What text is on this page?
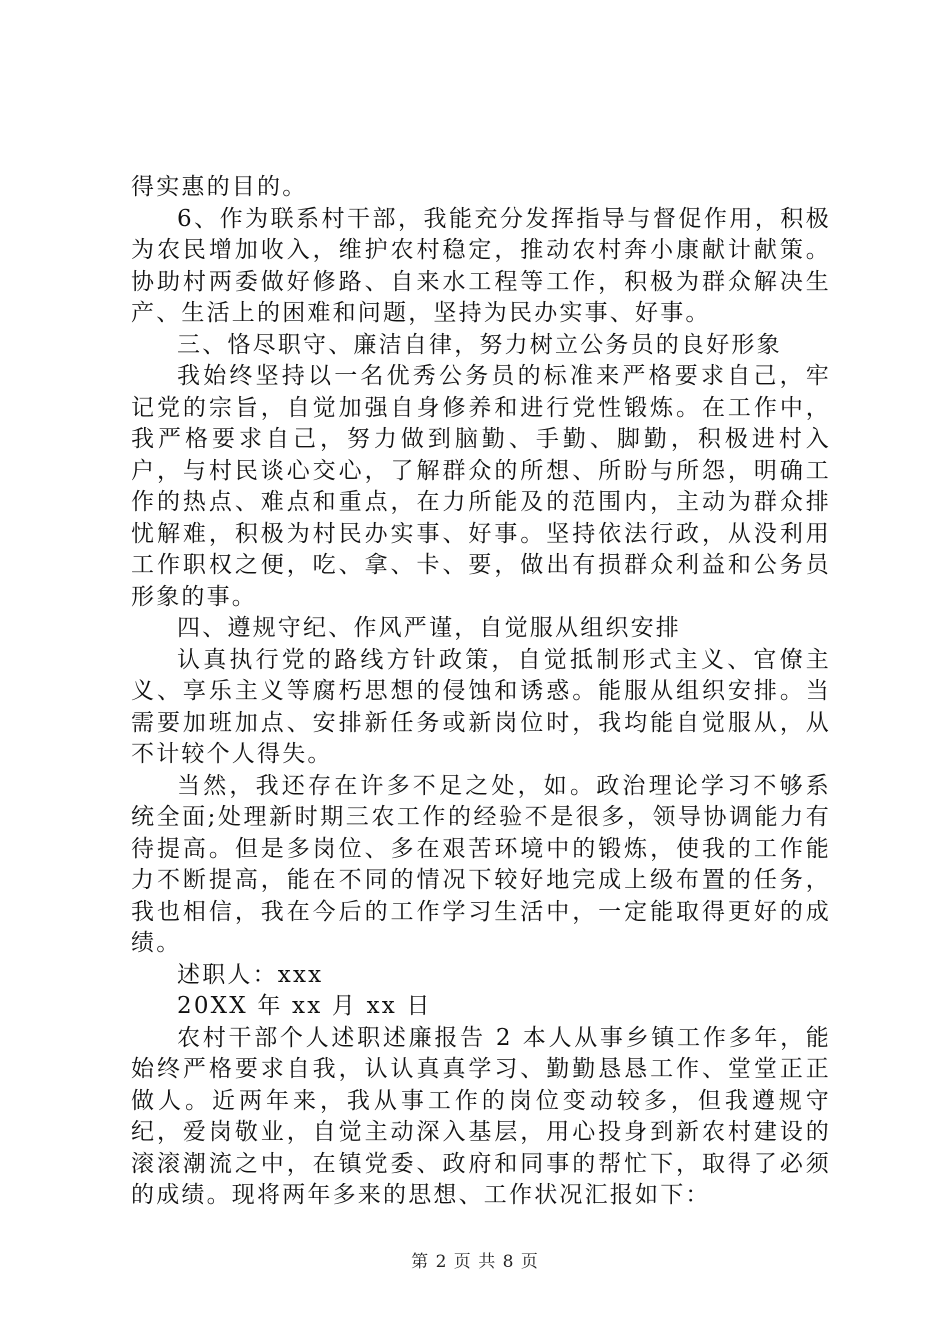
得实惠的目的。

6、作为联系村干部，我能充分发挥指导与督促作用，积极为农民增加收入，维护农村稳定，推动农村奔小康献计献策。协助村两委做好修路、自来水工程等工作，积极为群众解决生产、生活上的困难和问题，坚持为民办实事、好事。

三、恪尽职守、廉洁自律，努力树立公务员的良好形象

我始终坚持以一名优秀公务员的标准来严格要求自己，牢记党的宗旨，自觉加强自身修养和进行党性锻炼。在工作中，我严格要求自己，努力做到脑勤、手勤、脚勤，积极进村入户，与村民谈心交心，了解群众的所想、所盼与所怨，明确工作的热点、难点和重点，在力所能及的范围内，主动为群众排忧解难，积极为村民办实事、好事。坚持依法行政，从没利用工作职权之便，吃、拿、卡、要，做出有损群众利益和公务员形象的事。

四、遵规守纪、作风严谨，自觉服从组织安排

认真执行党的路线方针政策，自觉抵制形式主义、官僚主义、享乐主义等腐朽思想的侵蚀和诱惑。能服从组织安排。当需要加班加点、安排新任务或新岗位时，我均能自觉服从，从不计较个人得失。

当然，我还存在许多不足之处，如。政治理论学习不够系统全面;处理新时期三农工作的经验不是很多，领导协调能力有待提高。但是多岗位、多在艰苦环境中的锻炼，使我的工作能力不断提高，能在不同的情况下较好地完成上级布置的任务，我也相信，我在今后的工作学习生活中，一定能取得更好的成绩。

述职人：xxx

20XX 年 xx 月 xx 日

农村干部个人述职述廉报告 2 本人从事乡镇工作多年，能始终严格要求自我，认认真真学习、勤勤恳恳工作、堂堂正正做人。近两年来，我从事工作的岗位变动较多，但我遵规守纪，爱岗敬业，自觉主动深入基层，用心投身到新农村建设的滚滚潮流之中，在镇党委、政府和同事的帮忙下，取得了必须的成绩。现将两年多来的思想、工作状况汇报如下：

第 2 页 共 8 页
